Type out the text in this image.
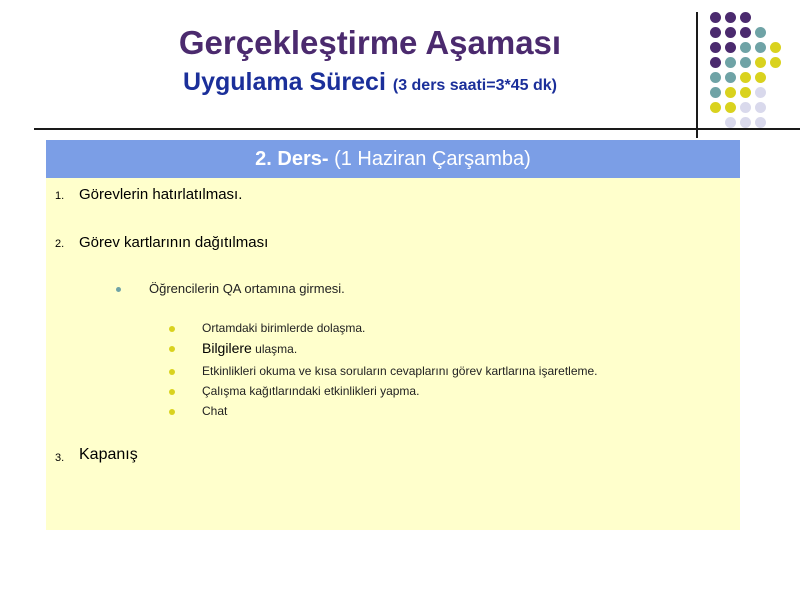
Gerçekleştirme Aşaması
Uygulama Süreci (3 ders saati=3*45 dk)
2. Ders- (1 Haziran Çarşamba)
1. Görevlerin hatırlatılması.
2. Görev kartlarının dağıtılması
Öğrencilerin QA ortamına girmesi.
Ortamdaki birimlerde dolaşma.
Bilgilere ulaşma.
Etkinlikleri okuma ve kısa soruların cevaplarını görev kartlarına işaretleme.
Çalışma kağıtlarındaki etkinlikleri yapma.
Chat
3. Kapanış
